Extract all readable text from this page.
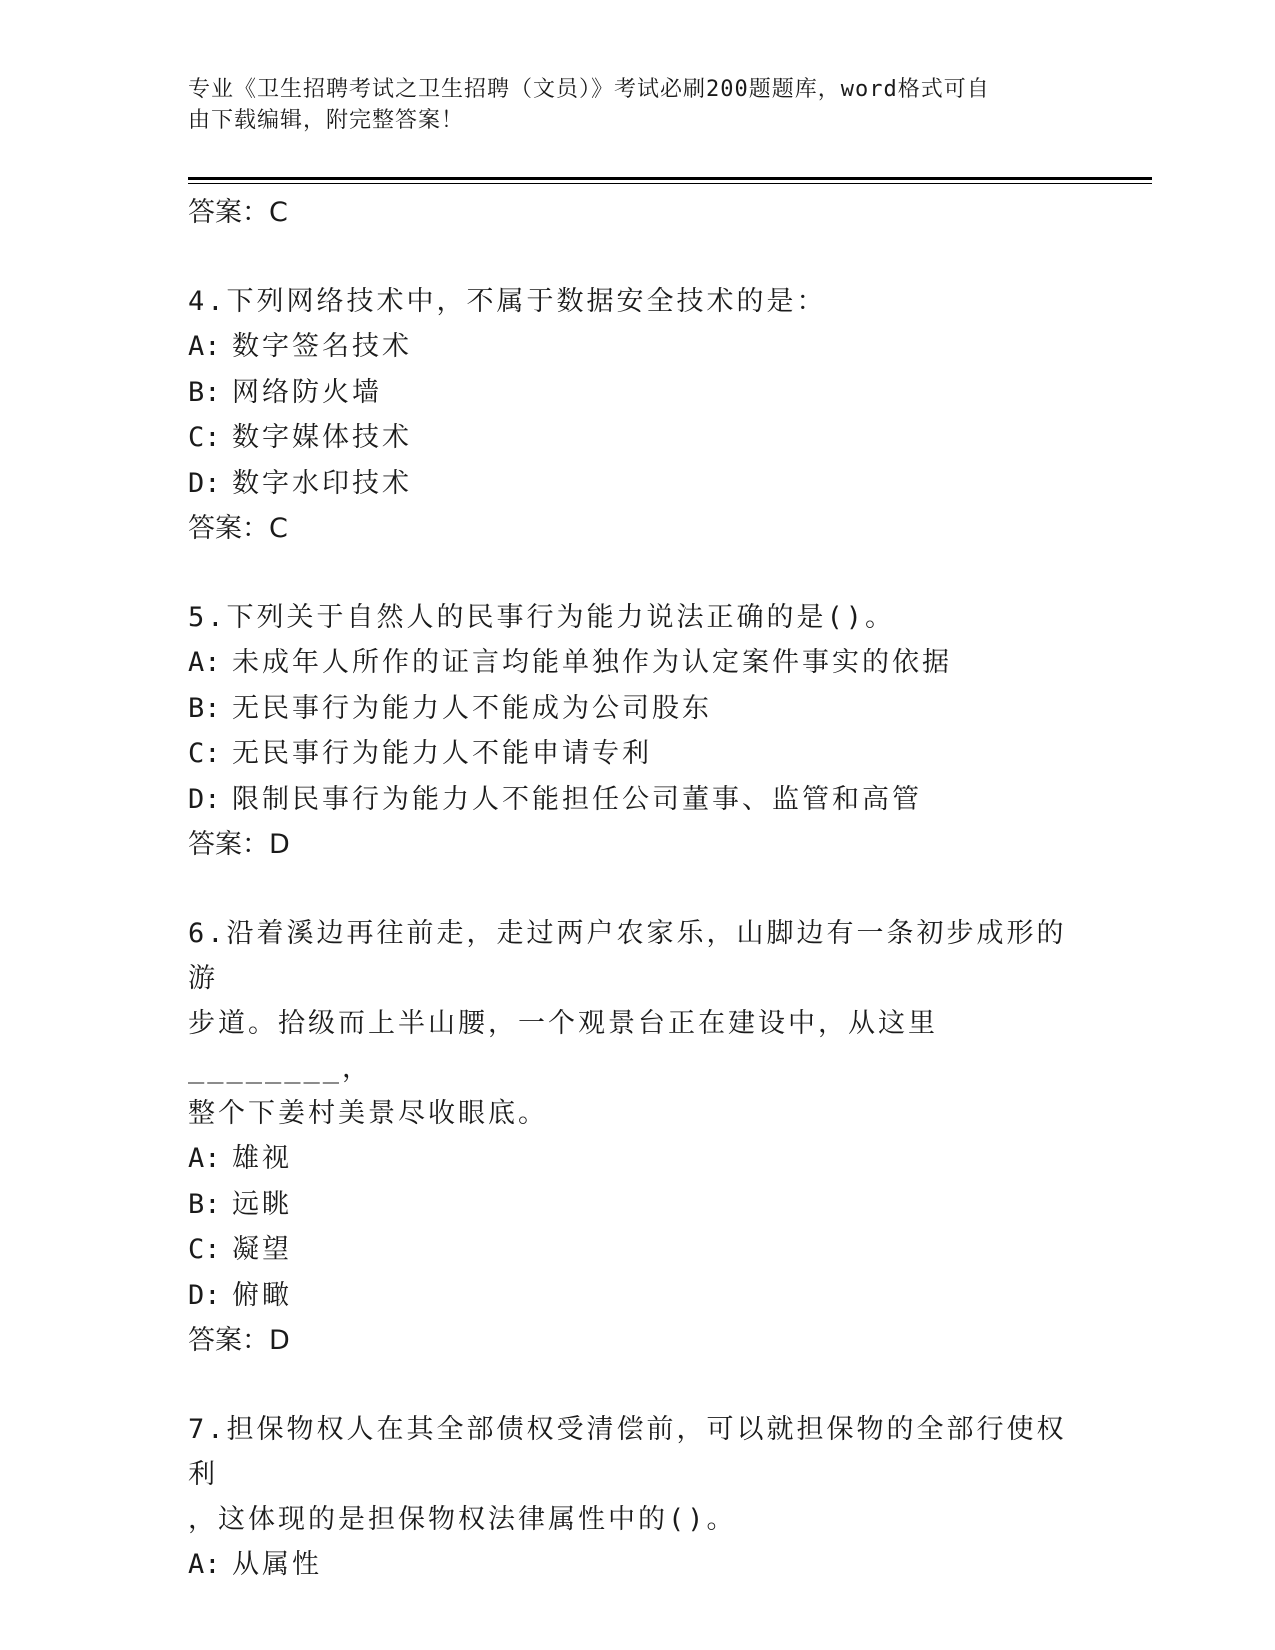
专业《卫生招聘考试之卫生招聘（文员）》考试必刷200题题库，word格式可自
由下载编辑，附完整答案！

答案：C

4.下列网络技术中，不属于数据安全技术的是：

A: 数字签名技术

B: 网络防火墙

C: 数字媒体技术

D: 数字水印技术

答案：C

5.下列关于自然人的民事行为能力说法正确的是()。

A: 未成年人所作的证言均能单独作为认定案件事实的依据

B: 无民事行为能力人不能成为公司股东

C: 无民事行为能力人不能申请专利

D: 限制民事行为能力人不能担任公司董事、监管和高管

答案：D

6.沿着溪边再往前走，走过两户农家乐，山脚边有一条初步成形的游

步道。拾级而上半山腰，一个观景台正在建设中，从这里________，

整个下姜村美景尽收眼底。

A: 雄视

B: 远眺

C: 凝望

D: 俯瞰

答案：D

7.担保物权人在其全部债权受清偿前，可以就担保物的全部行使权利

，这体现的是担保物权法律属性中的()。

A: 从属性
